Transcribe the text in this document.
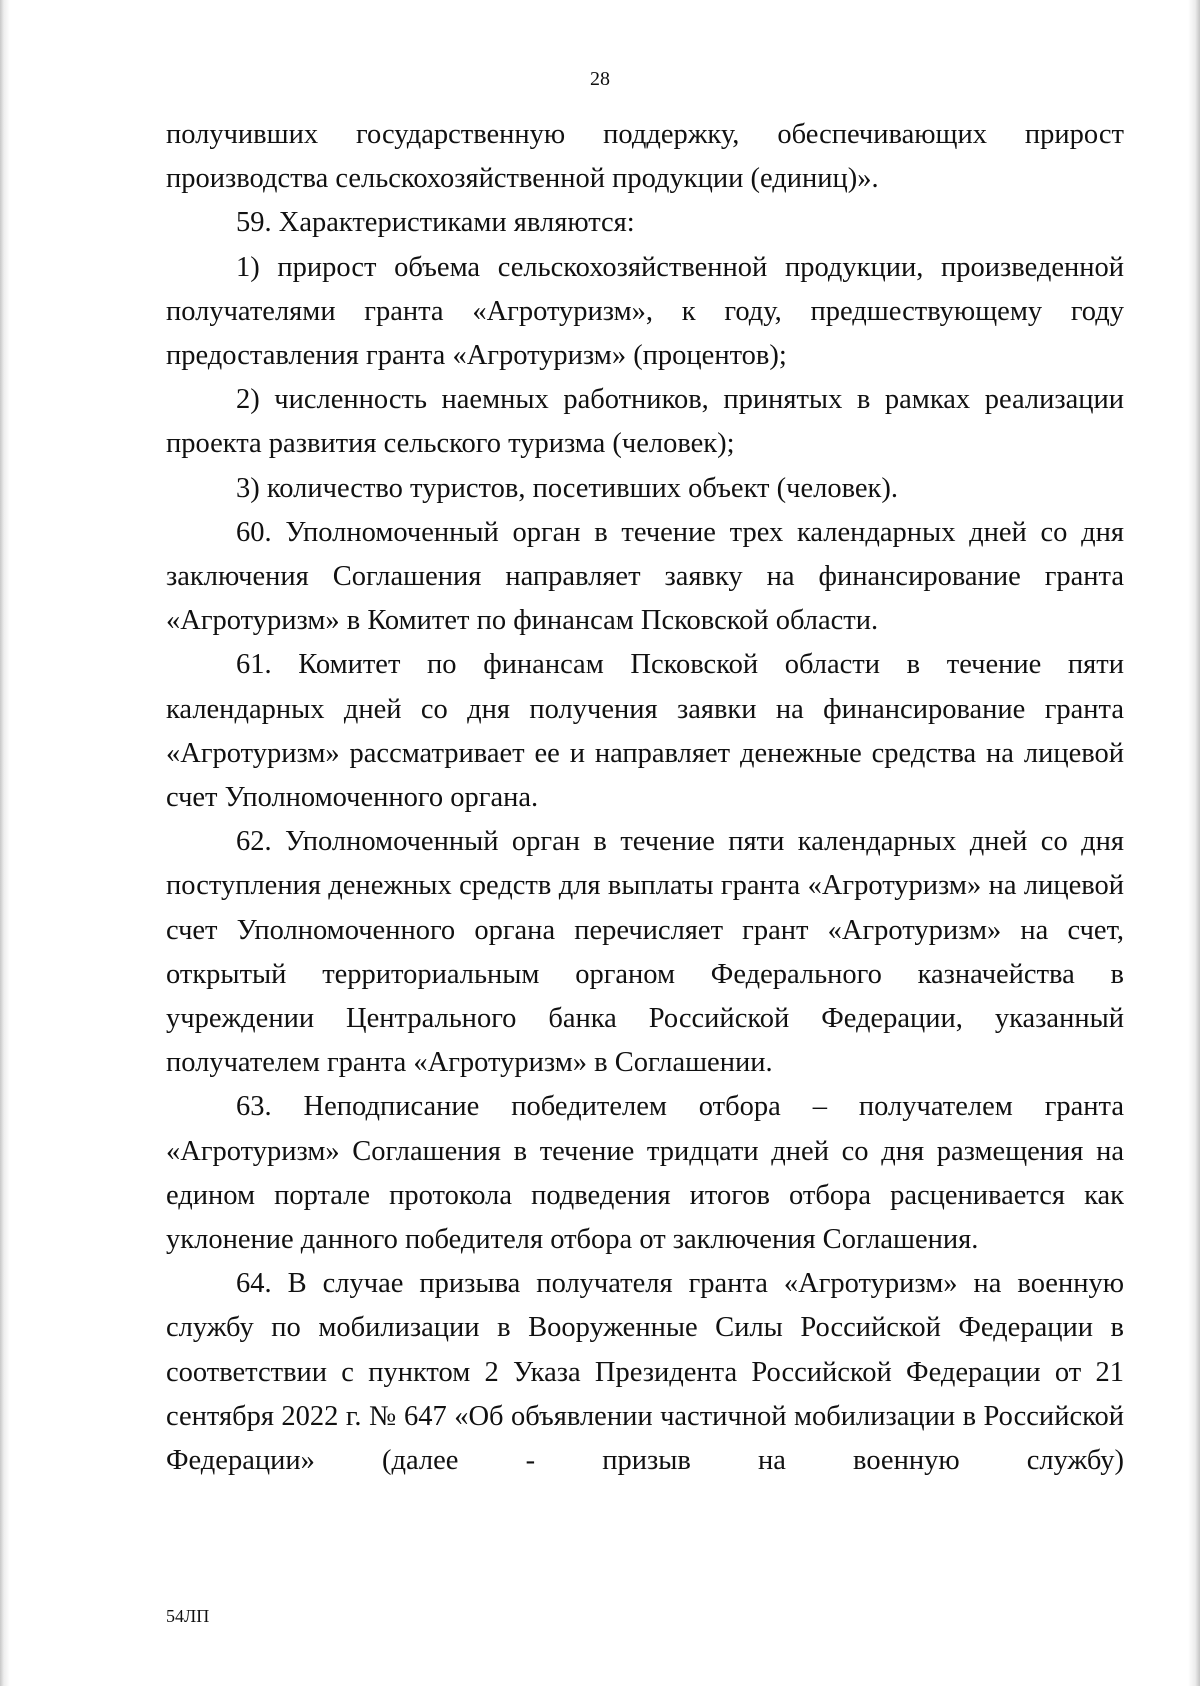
28

получивших государственную поддержку, обеспечивающих прирост производства сельскохозяйственной продукции (единиц)».

59. Характеристиками являются:

1) прирост объема сельскохозяйственной продукции, произведенной получателями гранта «Агротуризм», к году, предшествующему году предоставления гранта «Агротуризм» (процентов);

2) численность наемных работников, принятых в рамках реализации проекта развития сельского туризма (человек);

3) количество туристов, посетивших объект (человек).

60. Уполномоченный орган в течение трех календарных дней со дня заключения Соглашения направляет заявку на финансирование гранта «Агротуризм» в Комитет по финансам Псковской области.

61. Комитет по финансам Псковской области в течение пяти календарных дней со дня получения заявки на финансирование гранта «Агротуризм» рассматривает ее и направляет денежные средства на лицевой счет Уполномоченного органа.

62. Уполномоченный орган в течение пяти календарных дней со дня поступления денежных средств для выплаты гранта «Агротуризм» на лицевой счет Уполномоченного органа перечисляет грант «Агротуризм» на счет, открытый территориальным органом Федерального казначейства в учреждении Центрального банка Российской Федерации, указанный получателем гранта «Агротуризм» в Соглашении.

63. Неподписание победителем отбора – получателем гранта «Агротуризм» Соглашения в течение тридцати дней со дня размещения на едином портале протокола подведения итогов отбора расценивается как уклонение данного победителя отбора от заключения Соглашения.

64. В случае призыва получателя гранта «Агротуризм» на военную службу по мобилизации в Вооруженные Силы Российской Федерации в соответствии с пунктом 2 Указа Президента Российской Федерации от 21 сентября 2022 г. № 647 «Об объявлении частичной мобилизации в Российской Федерации» (далее - призыв на военную службу)

54ЛП
